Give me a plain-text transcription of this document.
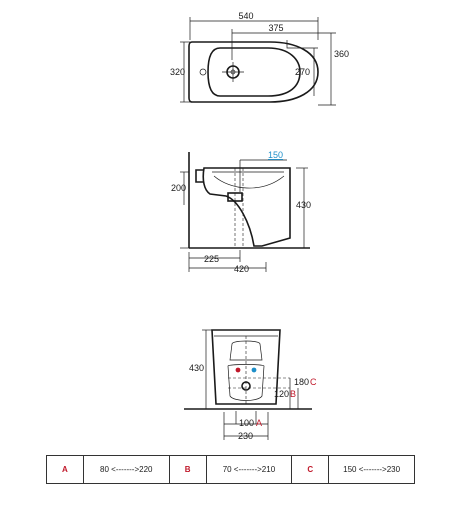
540
375
360
270
320
150
200
430
225
420
430
180 C
120 B
100 A
230
A	80 <------->220	B	70 <------->210	C	150 <------->230
